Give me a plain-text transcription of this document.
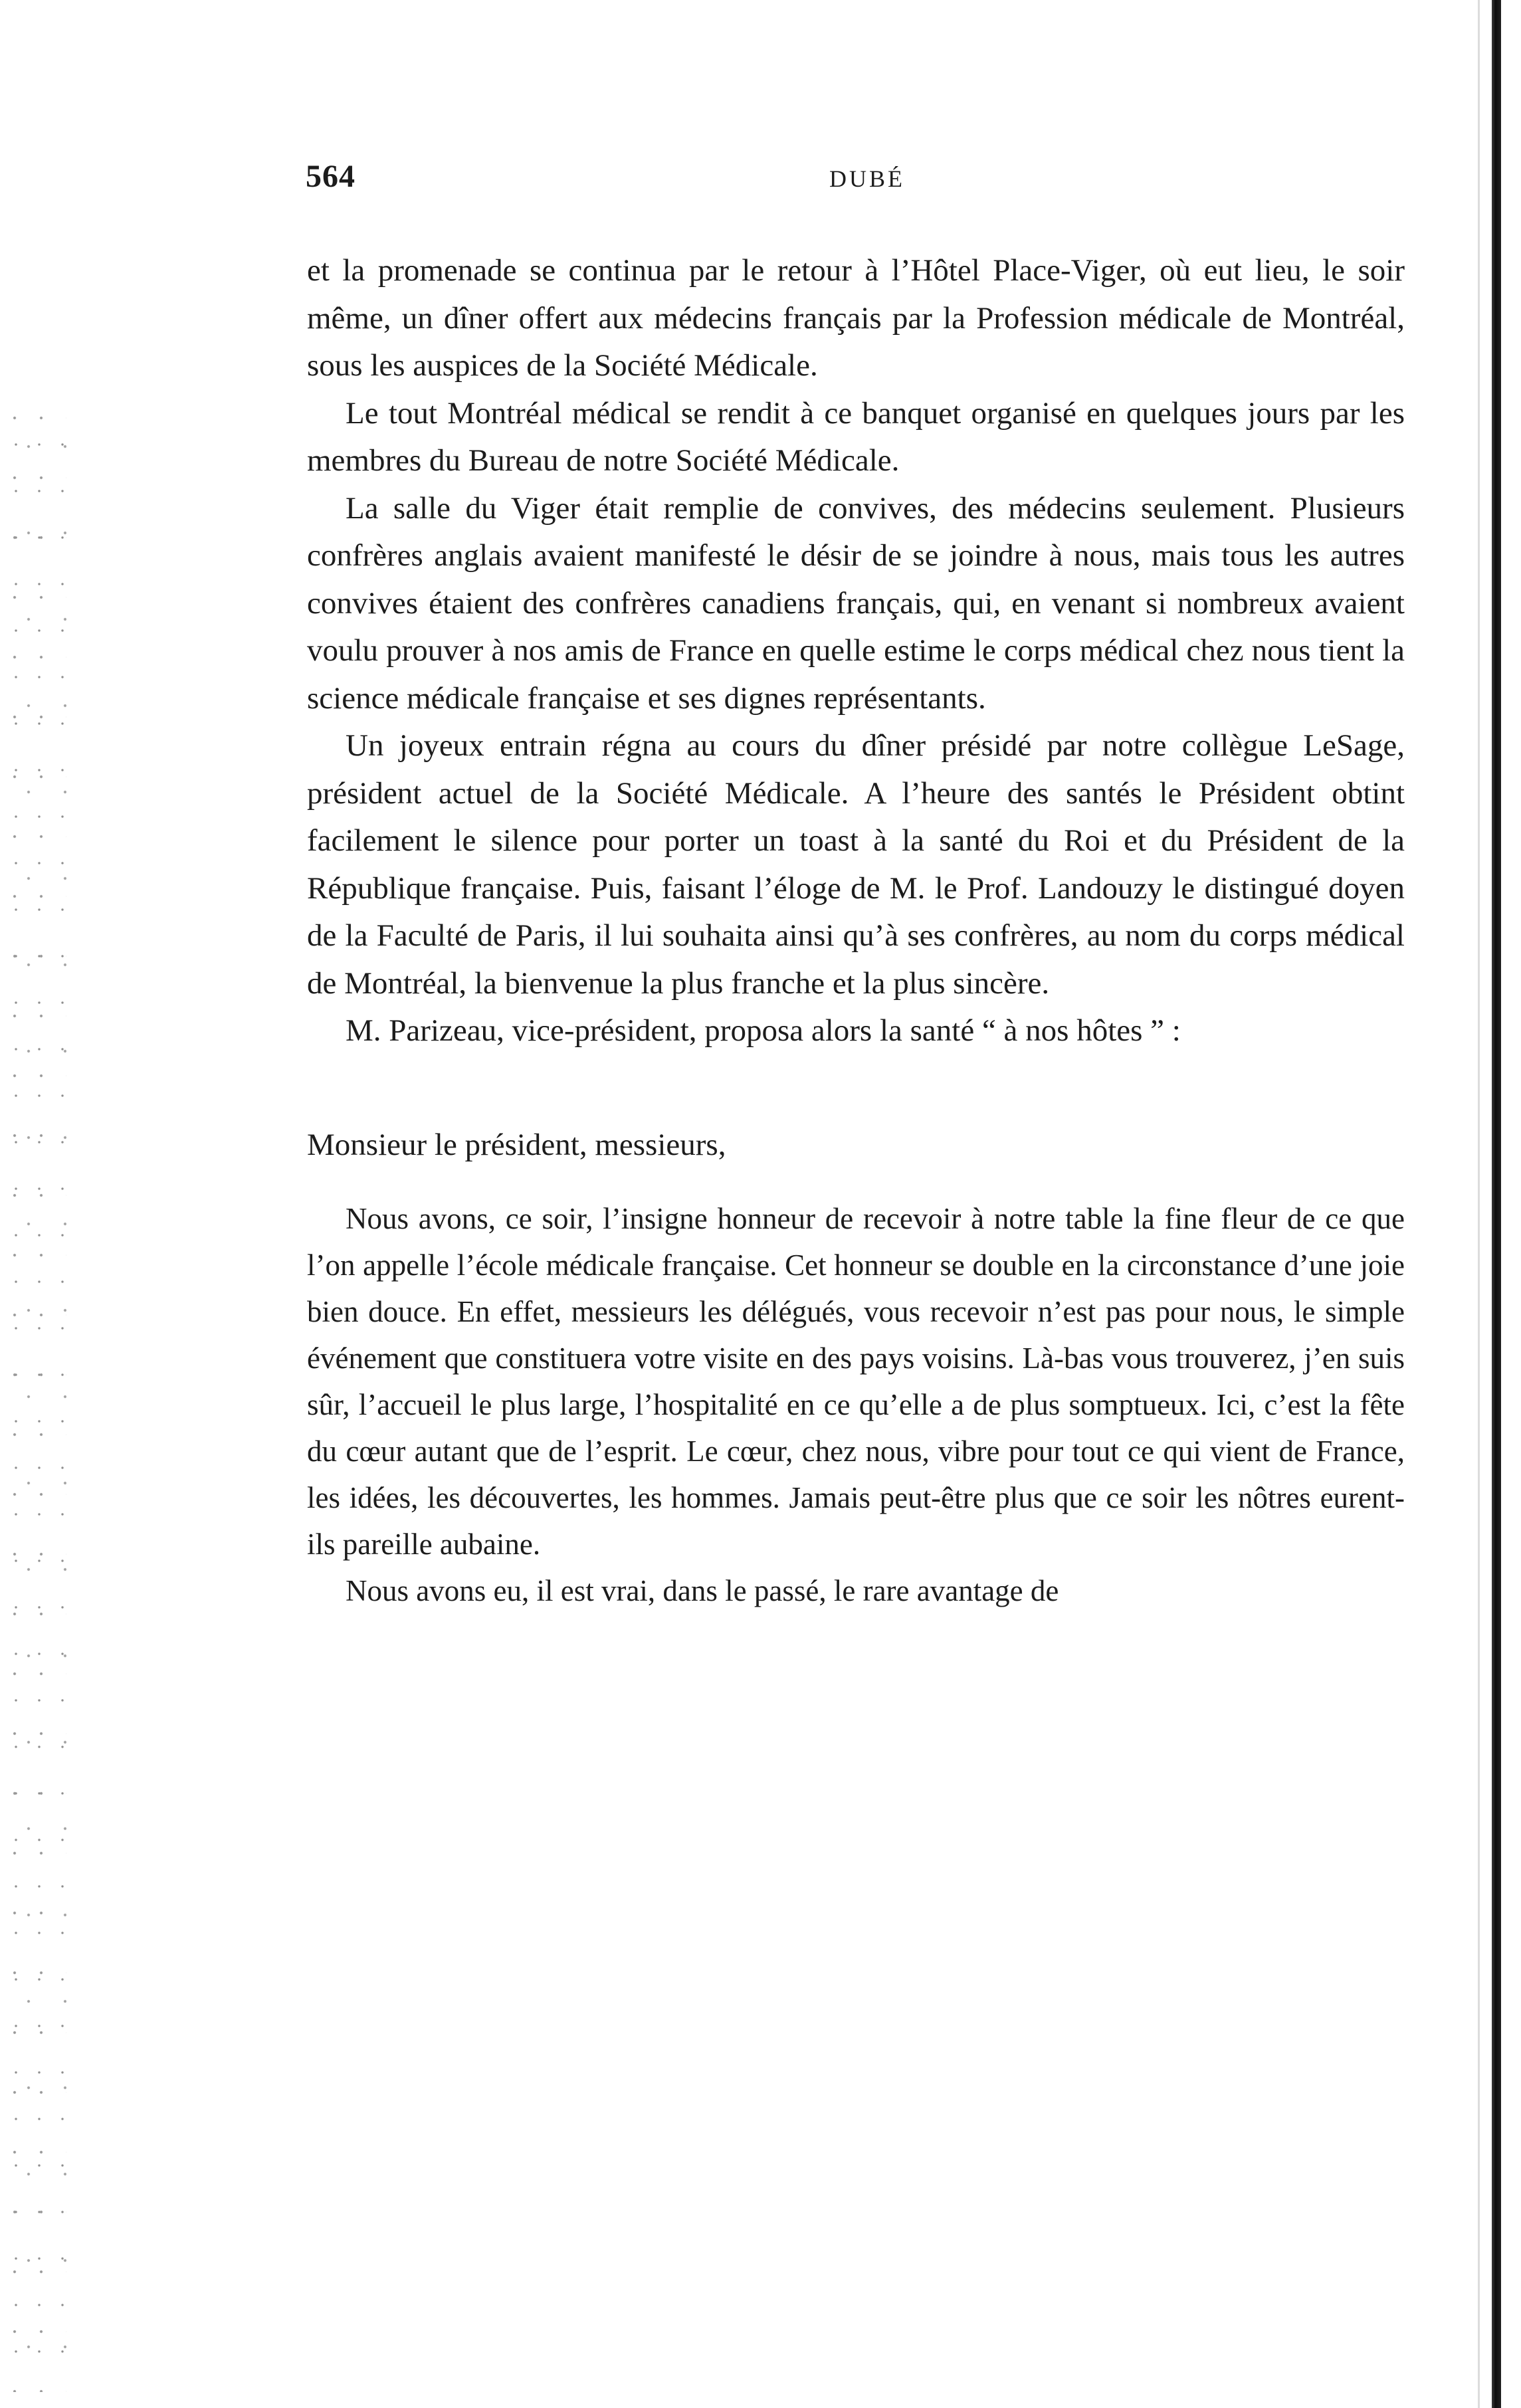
564	DUBÉ

et la promenade se continua par le retour à l’Hôtel Place-Viger, où eut lieu, le soir même, un dîner offert aux médecins français par la Profession médicale de Montréal, sous les auspices de la Société Médicale.

Le tout Montréal médical se rendit à ce banquet organisé en quelques jours par les membres du Bureau de notre Société Médicale.

La salle du Viger était remplie de convives, des médecins seulement. Plusieurs confrères anglais avaient manifesté le désir de se joindre à nous, mais tous les autres convives étaient des confrères canadiens français, qui, en venant si nombreux avaient voulu prouver à nos amis de France en quelle estime le corps médical chez nous tient la science médicale française et ses dignes représentants.

Un joyeux entrain régna au cours du dîner présidé par notre collègue LeSage, président actuel de la Société Médicale. A l’heure des santés le Président obtint facilement le silence pour porter un toast à la santé du Roi et du Président de la République française. Puis, faisant l’éloge de M. le Prof. Landouzy le distingué doyen de la Faculté de Paris, il lui souhaita ainsi qu’à ses confrères, au nom du corps médical de Montréal, la bienvenue la plus franche et la plus sincère.

M. Parizeau, vice-président, proposa alors la santé “ à nos hôtes ” :

Monsieur le président, messieurs,

Nous avons, ce soir, l’insigne honneur de recevoir à notre table la fine fleur de ce que l’on appelle l’école médicale française. Cet honneur se double en la circonstance d’une joie bien douce. En effet, messieurs les délégués, vous recevoir n’est pas pour nous, le simple événement que constituera votre visite en des pays voisins. Là-bas vous trouverez, j’en suis sûr, l’accueil le plus large, l’hospitalité en ce qu’elle a de plus somptueux. Ici, c’est la fête du cœur autant que de l’esprit. Le cœur, chez nous, vibre pour tout ce qui vient de France, les idées, les découvertes, les hommes. Jamais peut-être plus que ce soir les nôtres eurent-ils pareille aubaine.

Nous avons eu, il est vrai, dans le passé, le rare avantage de
